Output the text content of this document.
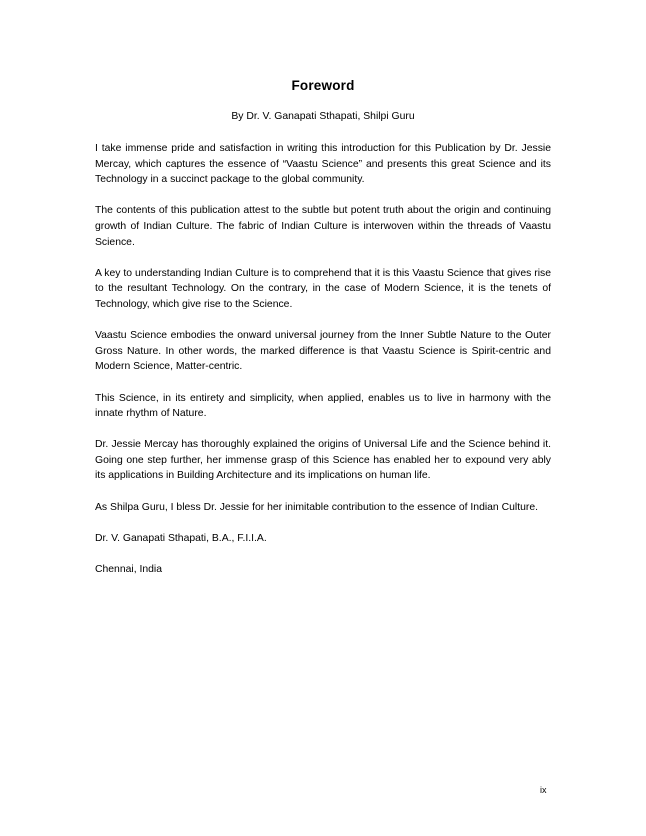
Foreword
By Dr. V. Ganapati Sthapati, Shilpi Guru

I take immense pride and satisfaction in writing this introduction for this Publication by Dr. Jessie Mercay, which captures the essence of “Vaastu Science” and presents this great Science and its Technology in a succinct package to the global community.

The contents of this publication attest to the subtle but potent truth about the origin and continuing growth of Indian Culture. The fabric of Indian Culture is interwoven within the threads of Vaastu Science.

A key to understanding Indian Culture is to comprehend that it is this Vaastu Science that gives rise to the resultant Technology. On the contrary, in the case of Modern Science, it is the tenets of Technology, which give rise to the Science.

Vaastu Science embodies the onward universal journey from the Inner Subtle Nature to the Outer Gross Nature. In other words, the marked difference is that Vaastu Science is Spirit-centric and Modern Science, Matter-centric.

This Science, in its entirety and simplicity, when applied, enables us to live in harmony with the innate rhythm of Nature.

Dr. Jessie Mercay has thoroughly explained the origins of Universal Life and the Science behind it. Going one step further, her immense grasp of this Science has enabled her to expound very ably its applications in Building Architecture and its implications on human life.

As Shilpa Guru, I bless Dr. Jessie for her inimitable contribution to the essence of Indian Culture.

Dr. V. Ganapati Sthapati, B.A., F.I.I.A.

Chennai, India

ix
